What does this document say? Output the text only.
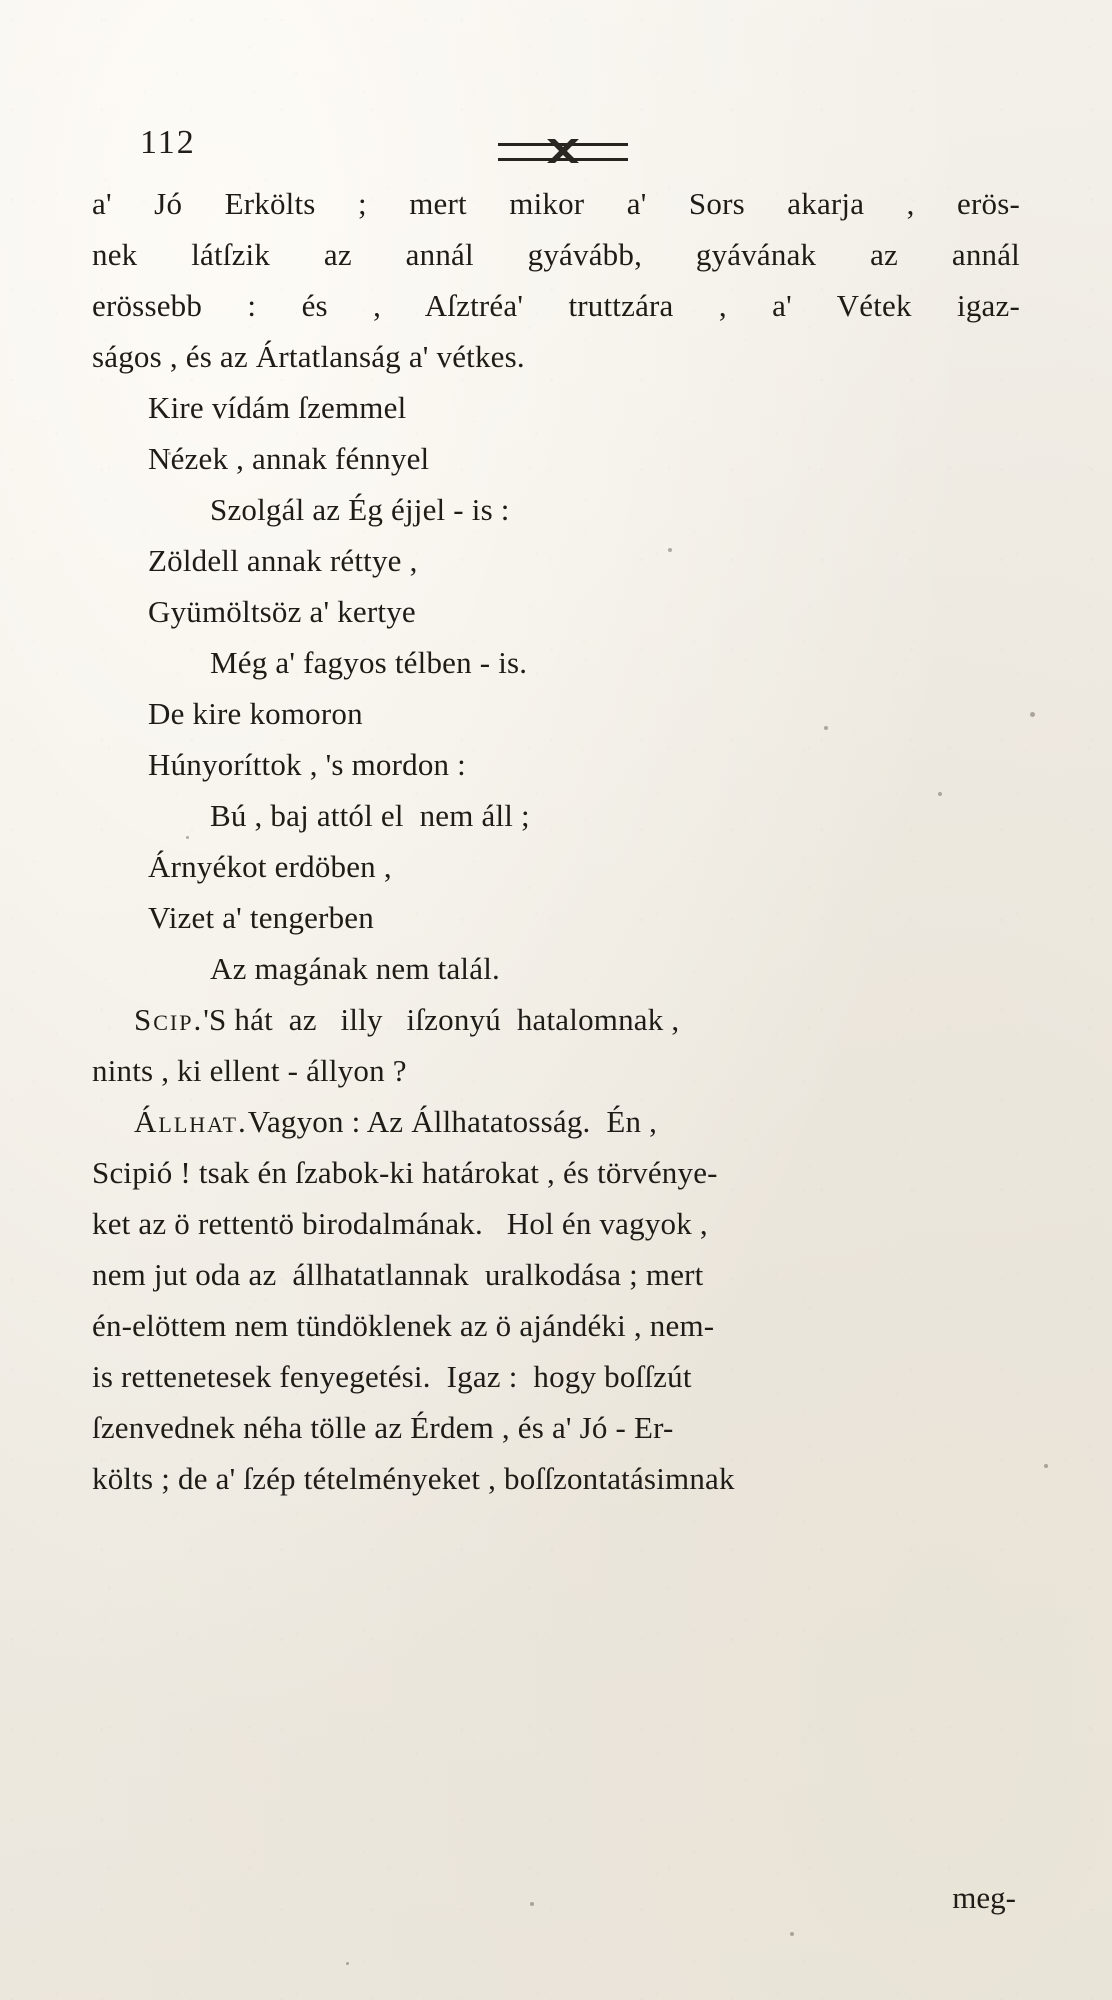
112
a' Jó Erkölts ; mert mikor a' Sors akarja , erös-
nek látſzik az annál gyávább, gyávának az annál
erössebb : és , Aſztréa' truttzára , a' Vétek igaz-
ságos , és az Ártatlanság a' vétkes.
Kire vídám ſzemmel
Nézek , annak fénnyel
Szolgál az Ég éjjel - is :
Zöldell annak réttye ,
Gyümöltsöz a' kertye
Még a' fagyos télben - is.
De kire komoron
Húnyoríttok , 's mordon :
Bú , baj attól el  nem áll ;
Árnyékot erdöben ,
Vizet a' tengerben
Az magának nem talál.
Scip.'S hát  az   illy   iſzonyú  hatalomnak ,
nints , ki ellent - állyon ?
Állhat.Vagyon : Az Állhatatosság.  Én ,
Scipió ! tsak én ſzabok-ki határokat , és törvénye-
ket az ö rettentö birodalmának.   Hol én vagyok ,
nem jut oda az  állhatatlannak  uralkodása ; mert
én-elöttem nem tündöklenek az ö ajándéki , nem-
is rettenetesek fenyegetési.  Igaz :  hogy boſſzút
ſzenvednek néha tölle az Érdem , és a' Jó - Er-
költs ; de a' ſzép tételményeket , boſſzontatásimnak
meg-
